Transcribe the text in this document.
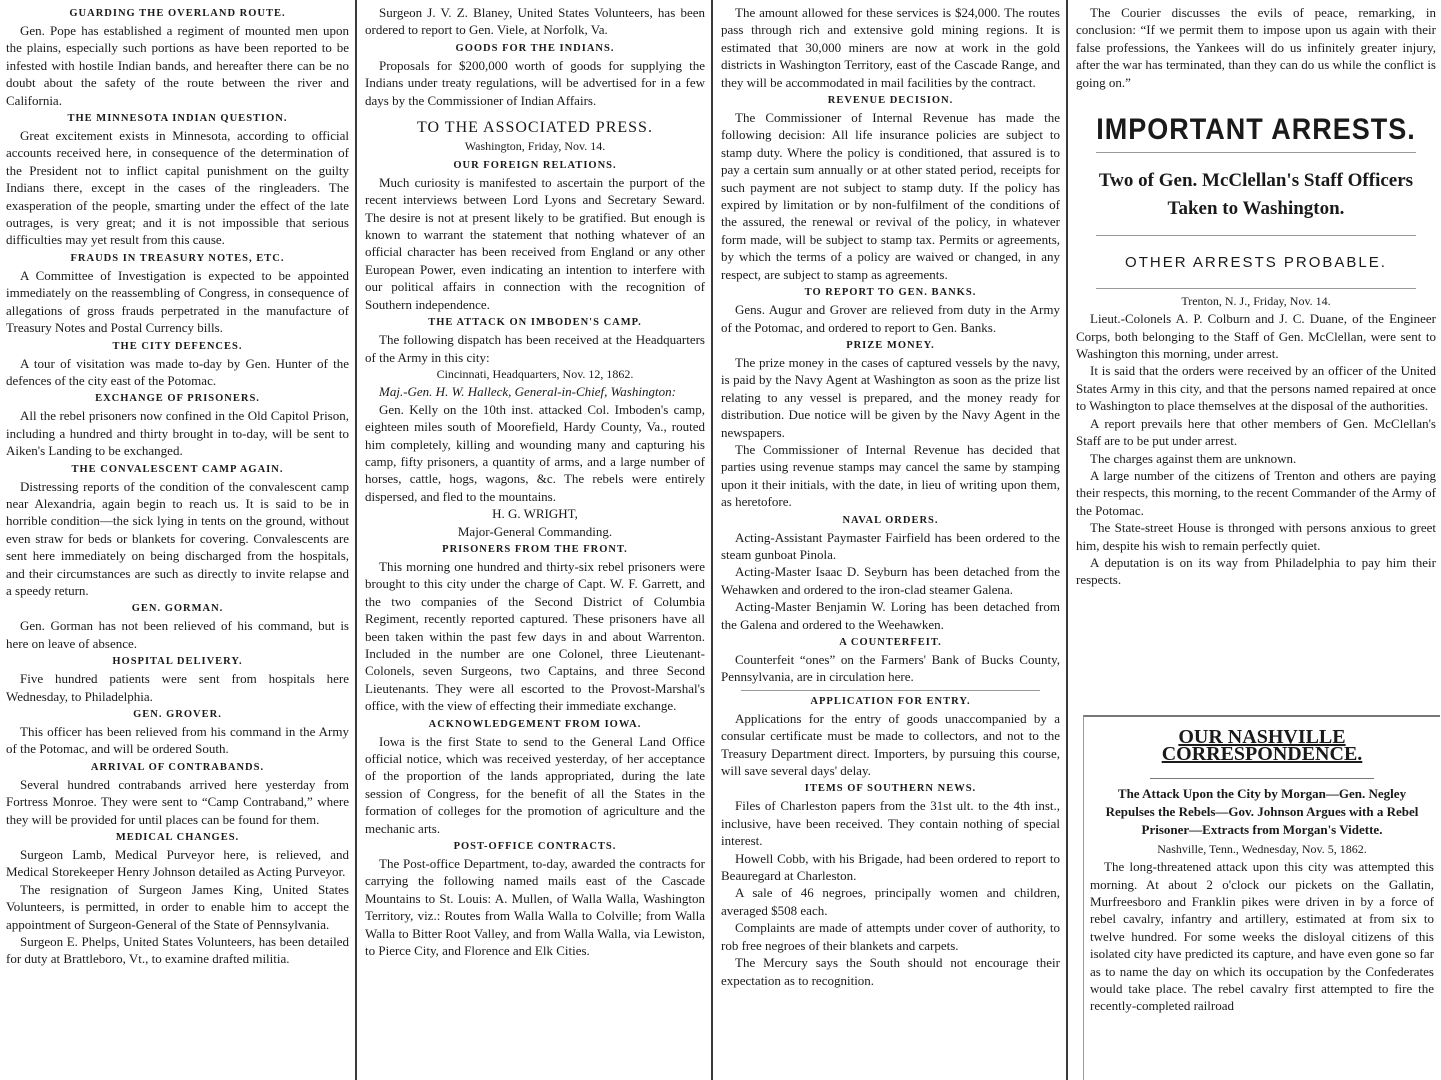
GUARDING THE OVERLAND ROUTE.

Gen. Pope has established a regiment of mounted men upon the plains, especially such portions as have been reported to be infested with hostile Indian bands, and hereafter there can be no doubt about the safety of the route between the river and California.

THE MINNESOTA INDIAN QUESTION.

Great excitement exists in Minnesota, according to official accounts received here, in consequence of the determination of the President not to inflict capital punishment on the guilty Indians there, except in the cases of the ringleaders. The exasperation of the people, smarting under the effect of the late outrages, is very great; and it is not impossible that serious difficulties may yet result from this cause.

FRAUDS IN TREASURY NOTES, ETC.

A Committee of Investigation is expected to be appointed immediately on the reassembling of Congress, in consequence of allegations of gross frauds perpetrated in the manufacture of Treasury Notes and Postal Currency bills.

THE CITY DEFENCES.

A tour of visitation was made to-day by Gen. Hunter of the defences of the city east of the Potomac.

EXCHANGE OF PRISONERS.

All the rebel prisoners now confined in the Old Capitol Prison, including a hundred and thirty brought in to-day, will be sent to Aiken's Landing to be exchanged.

THE CONVALESCENT CAMP AGAIN.

Distressing reports of the condition of the convalescent camp near Alexandria, again begin to reach us. It is said to be in horrible condition—the sick lying in tents on the ground, without even straw for beds or blankets for covering. Convalescents are sent here immediately on being discharged from the hospitals, and their circumstances are such as directly to invite relapse and a speedy return.

GEN. GORMAN.

Gen. Gorman has not been relieved of his command, but is here on leave of absence.

HOSPITAL DELIVERY.

Five hundred patients were sent from hospitals here Wednesday, to Philadelphia.

GEN. GROVER.

This officer has been relieved from his command in the Army of the Potomac, and will be ordered South.

ARRIVAL OF CONTRABANDS.

Several hundred contrabands arrived here yesterday from Fortress Monroe. They were sent to “Camp Contraband,” where they will be provided for until places can be found for them.

MEDICAL CHANGES.

Surgeon Lamb, Medical Purveyor here, is relieved, and Medical Storekeeper Henry Johnson detailed as Acting Purveyor.

The resignation of Surgeon James King, United States Volunteers, is permitted, in order to enable him to accept the appointment of Surgeon-General of the State of Pennsylvania.

Surgeon E. Phelps, United States Volunteers, has been detailed for duty at Brattleboro, Vt., to examine drafted militia.

Surgeon J. V. Z. Blaney, United States Volunteers, has been ordered to report to Gen. Viele, at Norfolk, Va.

GOODS FOR THE INDIANS.

Proposals for $200,000 worth of goods for supplying the Indians under treaty regulations, will be advertised for in a few days by the Commissioner of Indian Affairs.

TO THE ASSOCIATED PRESS.

Washington, Friday, Nov. 14.

OUR FOREIGN RELATIONS.

Much curiosity is manifested to ascertain the purport of the recent interviews between Lord Lyons and Secretary Seward. The desire is not at present likely to be gratified. But enough is known to warrant the statement that nothing whatever of an official character has been received from England or any other European Power, even indicating an intention to interfere with our political affairs in connection with the recognition of Southern independence.

THE ATTACK ON IMBODEN'S CAMP.

The following dispatch has been received at the Headquarters of the Army in this city:

Cincinnati, Headquarters, Nov. 12, 1862.

Maj.-Gen. H. W. Halleck, General-in-Chief, Washington:

Gen. Kelly on the 10th inst. attacked Col. Imboden's camp, eighteen miles south of Moorefield, Hardy County, Va., routed him completely, killing and wounding many and capturing his camp, fifty prisoners, a quantity of arms, and a large number of horses, cattle, hogs, wagons, &c. The rebels were entirely dispersed, and fled to the mountains.

H. G. WRIGHT,

Major-General Commanding.

PRISONERS FROM THE FRONT.

This morning one hundred and thirty-six rebel prisoners were brought to this city under the charge of Capt. W. F. Garrett, and the two companies of the Second District of Columbia Regiment, recently reported captured. These prisoners have all been taken within the past few days in and about Warrenton. Included in the number are one Colonel, three Lieutenant-Colonels, seven Surgeons, two Captains, and three Second Lieutenants. They were all escorted to the Provost-Marshal's office, with the view of effecting their immediate exchange.

ACKNOWLEDGEMENT FROM IOWA.

Iowa is the first State to send to the General Land Office official notice, which was received yesterday, of her acceptance of the proportion of the lands appropriated, during the late session of Congress, for the benefit of all the States in the formation of colleges for the promotion of agriculture and the mechanic arts.

POST-OFFICE CONTRACTS.

The Post-office Department, to-day, awarded the contracts for carrying the following named mails east of the Cascade Mountains to St. Louis: A. Mullen, of Walla Walla, Washington Territory, viz.: Routes from Walla Walla to Colville; from Walla Walla to Bitter Root Valley, and from Walla Walla, via Lewiston, to Pierce City, and Florence and Elk Cities.

The amount allowed for these services is $24,000. The routes pass through rich and extensive gold mining regions. It is estimated that 30,000 miners are now at work in the gold districts in Washington Territory, east of the Cascade Range, and they will be accommodated in mail facilities by the contract.

REVENUE DECISION.

The Commissioner of Internal Revenue has made the following decision: All life insurance policies are subject to stamp duty. Where the policy is conditioned, that assured is to pay a certain sum annually or at other stated period, receipts for such payment are not subject to stamp duty. If the policy has expired by limitation or by non-fulfilment of the conditions of the assured, the renewal or revival of the policy, in whatever form made, will be subject to stamp tax. Permits or agreements, by which the terms of a policy are waived or changed, in any respect, are subject to stamp as agreements.

TO REPORT TO GEN. BANKS.

Gens. Augur and Grover are relieved from duty in the Army of the Potomac, and ordered to report to Gen. Banks.

PRIZE MONEY.

The prize money in the cases of captured vessels by the navy, is paid by the Navy Agent at Washington as soon as the prize list relating to any vessel is prepared, and the money ready for distribution. Due notice will be given by the Navy Agent in the newspapers.

The Commissioner of Internal Revenue has decided that parties using revenue stamps may cancel the same by stamping upon it their initials, with the date, in lieu of writing upon them, as heretofore.

NAVAL ORDERS.

Acting-Assistant Paymaster Fairfield has been ordered to the steam gunboat Pinola.

Acting-Master Isaac D. Seyburn has been detached from the Wehawken and ordered to the iron-clad steamer Galena.

Acting-Master Benjamin W. Loring has been detached from the Galena and ordered to the Weehawken.

A COUNTERFEIT.

Counterfeit “ones” on the Farmers' Bank of Bucks County, Pennsylvania, are in circulation here.

APPLICATION FOR ENTRY.

Applications for the entry of goods unaccompanied by a consular certificate must be made to collectors, and not to the Treasury Department direct. Importers, by pursuing this course, will save several days' delay.

ITEMS OF SOUTHERN NEWS.

Files of Charleston papers from the 31st ult. to the 4th inst., inclusive, have been received. They contain nothing of special interest.

Howell Cobb, with his Brigade, had been ordered to report to Beauregard at Charleston.

A sale of 46 negroes, principally women and children, averaged $508 each.

Complaints are made of attempts under cover of authority, to rob free negroes of their blankets and carpets.

The Mercury says the South should not encourage their expectation as to recognition.

The Courier discusses the evils of peace, remarking, in conclusion: “If we permit them to impose upon us again with their false professions, the Yankees will do us infinitely greater injury, after the war has terminated, than they can do us while the conflict is going on.”

IMPORTANT ARRESTS.
Two of Gen. McClellan's Staff Officers Taken to Washington.
OTHER ARRESTS PROBABLE.

Trenton, N. J., Friday, Nov. 14.

Lieut.-Colonels A. P. Colburn and J. C. Duane, of the Engineer Corps, both belonging to the Staff of Gen. McClellan, were sent to Washington this morning, under arrest.

It is said that the orders were received by an officer of the United States Army in this city, and that the persons named repaired at once to Washington to place themselves at the disposal of the authorities.

A report prevails here that other members of Gen. McClellan's Staff are to be put under arrest.

The charges against them are unknown.

A large number of the citizens of Trenton and others are paying their respects, this morning, to the recent Commander of the Army of the Potomac.

The State-street House is thronged with persons anxious to greet him, despite his wish to remain perfectly quiet.

A deputation is on its way from Philadelphia to pay him their respects.

OUR NASHVILLE CORRESPONDENCE.
The Attack Upon the City by Morgan—Gen. Negley Repulses the Rebels—Gov. Johnson Argues with a Rebel Prisoner—Extracts from Morgan's Vidette.

Nashville, Tenn., Wednesday, Nov. 5, 1862.

The long-threatened attack upon this city was attempted this morning. At about 2 o'clock our pickets on the Gallatin, Murfreesboro and Franklin pikes were driven in by a force of rebel cavalry, infantry and artillery, estimated at from six to twelve hundred. For some weeks the disloyal citizens of this isolated city have predicted its capture, and have even gone so far as to name the day on which its occupation by the Confederates would take place. The rebel cavalry first attempted to fire the recently-completed railroad
